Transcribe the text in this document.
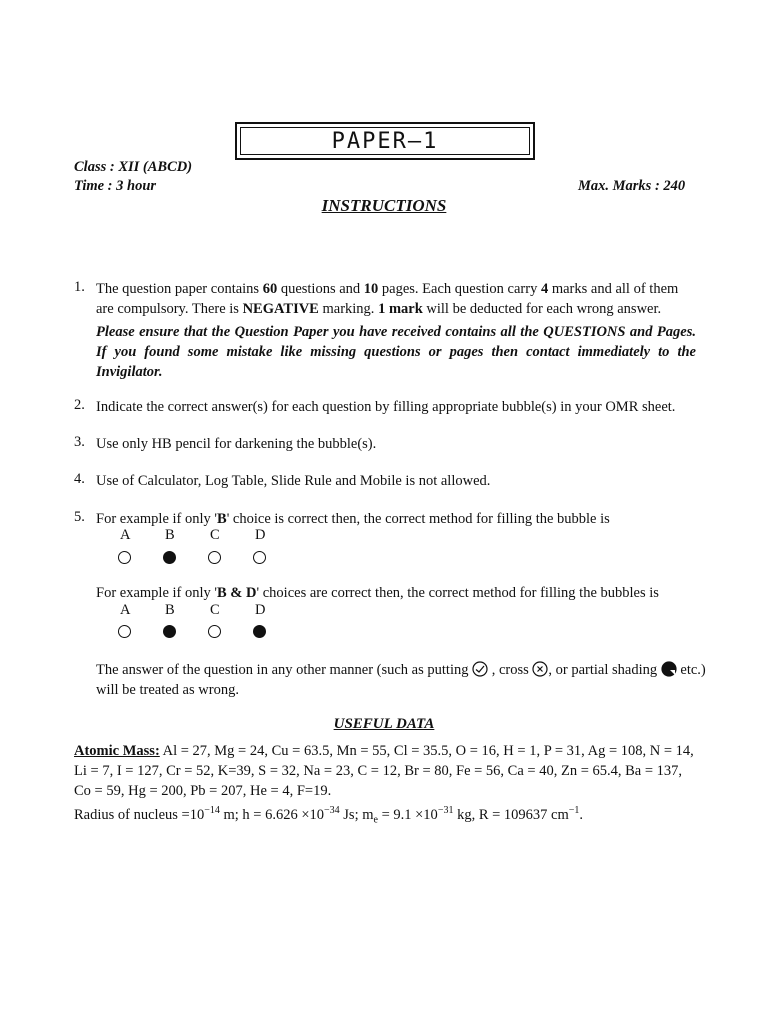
PAPER—1
Class : XII (ABCD)
Time : 3 hour	Max. Marks : 240
INSTRUCTIONS
1. The question paper contains 60 questions and 10 pages. Each question carry 4 marks and all of them are compulsory. There is NEGATIVE marking. 1 mark will be deducted for each wrong answer.
Please ensure that the Question Paper you have received contains all the QUESTIONS and Pages. If you found some mistake like missing questions or pages then contact immediately to the Invigilator.
2. Indicate the correct answer(s) for each question by filling appropriate bubble(s) in your OMR sheet.
3. Use only HB pencil for darkening the bubble(s).
4. Use of Calculator, Log Table, Slide Rule and Mobile is not allowed.
5. For example if only 'B' choice is correct then, the correct method for filling the bubble is
A B C D
For example if only 'B & D' choices are correct then, the correct method for filling the bubbles is
A B C D
The answer of the question in any other manner (such as putting  , cross , or partial shading  etc.)
will be treated as wrong.
USEFUL DATA
Atomic Mass: Al = 27, Mg = 24, Cu = 63.5, Mn = 55, Cl = 35.5, O = 16, H = 1, P = 31, Ag = 108, N = 14,
Li = 7, I = 127, Cr = 52, K=39, S = 32, Na = 23, C = 12, Br = 80, Fe = 56, Ca = 40, Zn = 65.4, Ba = 137,
Co = 59, Hg = 200, Pb = 207, He = 4, F=19.
Radius of nucleus $=10^{-14}$ m; $h = 6.626 \times 10^{-34}$ Js; $m_e = 9.1 \times 10^{-31}$ kg, R = 109637 $cm^{-1}$.
